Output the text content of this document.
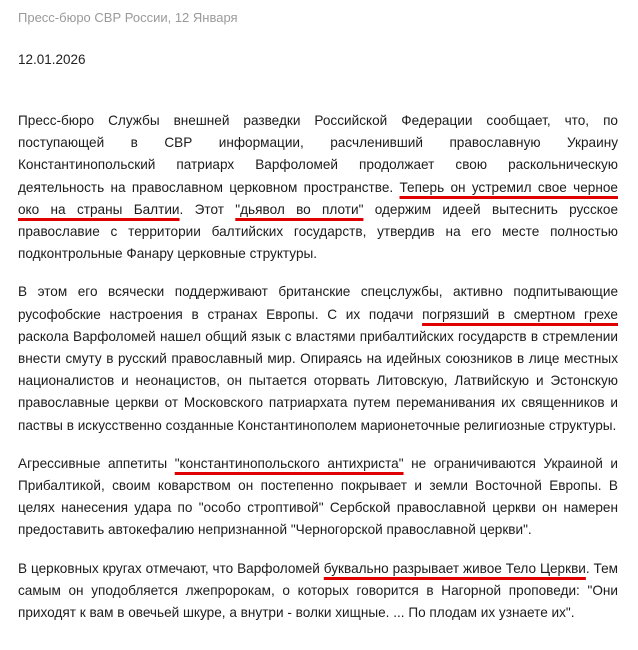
Пресс-бюро СВР России, 12 Января
12.01.2026

Пресс-бюро Службы внешней разведки Российской Федерации сообщает, что, по поступающей в СВР информации, расчленивший православную Украину Константинопольский патриарх Варфоломей продолжает свою раскольническую деятельность на православном церковном пространстве. Теперь он устремил свое черное око на страны Балтии. Этот "дьявол во плоти" одержим идеей вытеснить русское православие с территории балтийских государств, утвердив на его месте полностью подконтрольные Фанару церковные структуры.

В этом его всячески поддерживают британские спецслужбы, активно подпитывающие русофобские настроения в странах Европы. С их подачи погрязший в смертном грехе раскола Варфоломей нашел общий язык с властями прибалтийских государств в стремлении внести смуту в русский православный мир. Опираясь на идейных союзников в лице местных националистов и неонацистов, он пытается оторвать Литовскую, Латвийскую и Эстонскую православные церкви от Московского патриархата путем переманивания их священников и паствы в искусственно созданные Константинополем марионеточные религиозные структуры.

Агрессивные аппетиты "константинопольского антихриста" не ограничиваются Украиной и Прибалтикой, своим коварством он постепенно покрывает и земли Восточной Европы. В целях нанесения удара по "особо строптивой" Сербской православной церкви он намерен предоставить автокефалию непризнанной "Черногорской православной церкви".

В церковных кругах отмечают, что Варфоломей буквально разрывает живое Тело Церкви. Тем самым он уподобляется лжепророкам, о которых говорится в Нагорной проповеди: "Они приходят к вам в овечьей шкуре, а внутри - волки хищные. ... По плодам их узнаете их".
